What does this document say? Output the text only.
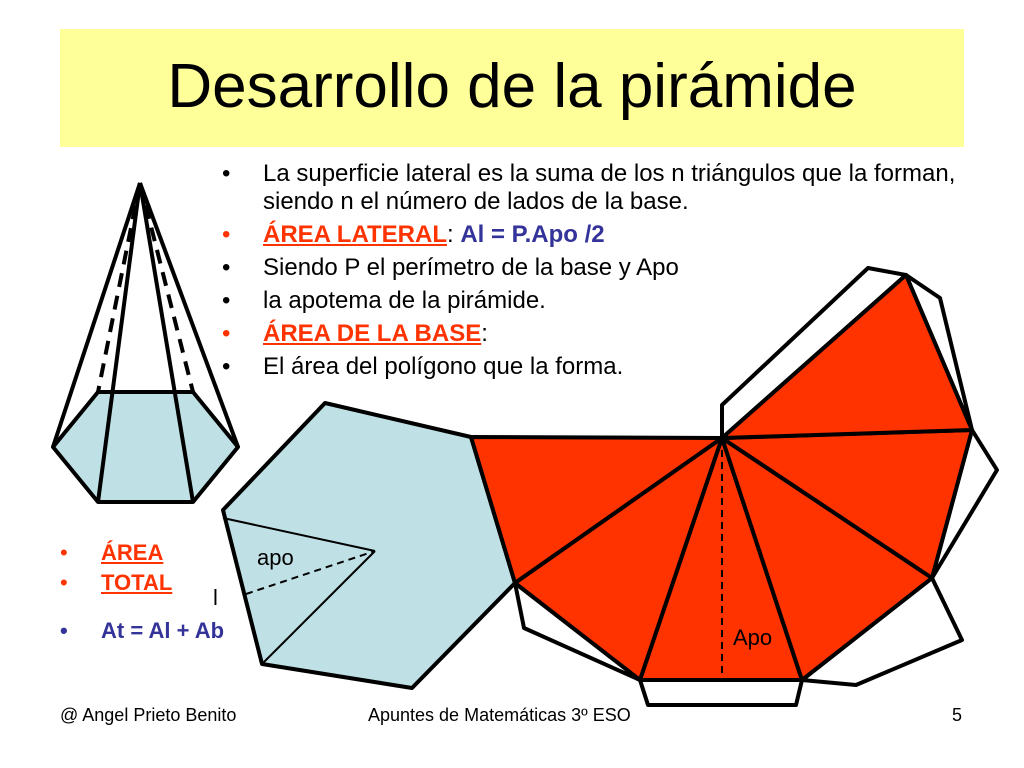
Desarrollo de la pirámide
• La superficie lateral es la suma de los n triángulos que la forman, siendo n el número de lados de la base.
• ÁREA LATERAL: Al = P.Apo /2
• Siendo P el perímetro de la base y Apo
• la apotema de la pirámide.
• ÁREA DE LA BASE:
• El área del polígono que la forma.
• ÁREA
• TOTAL
• At = Al + Ab
apo
l
Apo
@ Angel Prieto Benito	Apuntes de Matemáticas 3º ESO	5
